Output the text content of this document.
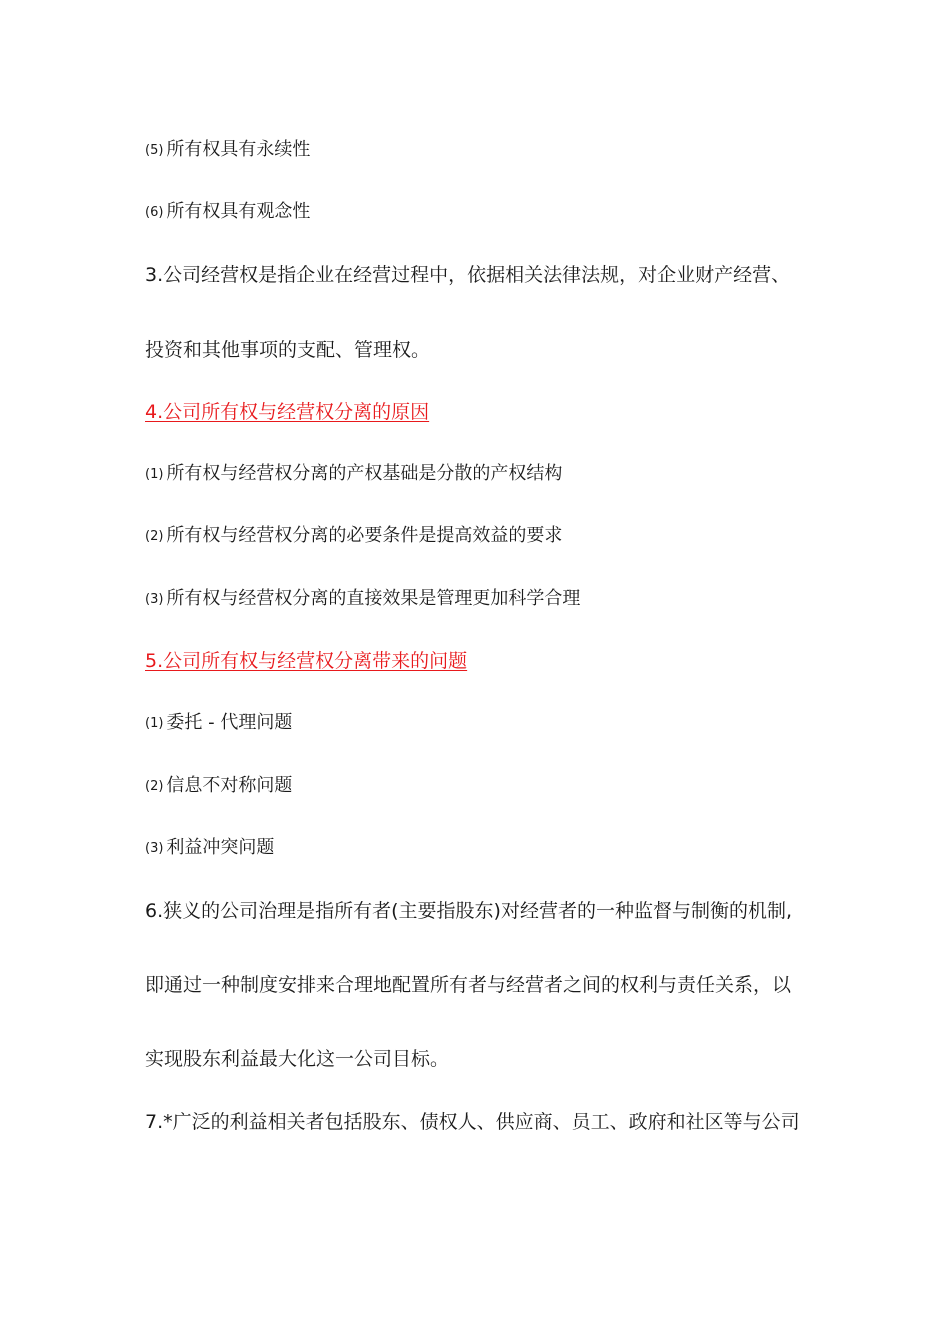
(5) 所有权具有永续性
(6) 所有权具有观念性
3.公司经营权是指企业在经营过程中，依据相关法律法规，对企业财产经营、
投资和其他事项的支配、管理权。
4.公司所有权与经营权分离的原因
(1) 所有权与经营权分离的产权基础是分散的产权结构
(2) 所有权与经营权分离的必要条件是提高效益的要求
(3) 所有权与经营权分离的直接效果是管理更加科学合理
5.公司所有权与经营权分离带来的问题
(1) 委托 - 代理问题
(2) 信息不对称问题
(3) 利益冲突问题
6.狭义的公司治理是指所有者(主要指股东)对经营者的一种监督与制衡的机制,
即通过一种制度安排来合理地配置所有者与经营者之间的权利与责任关系，以
实现股东利益最大化这一公司目标。
7.*广泛的利益相关者包括股东、债权人、供应商、员工、政府和社区等与公司
